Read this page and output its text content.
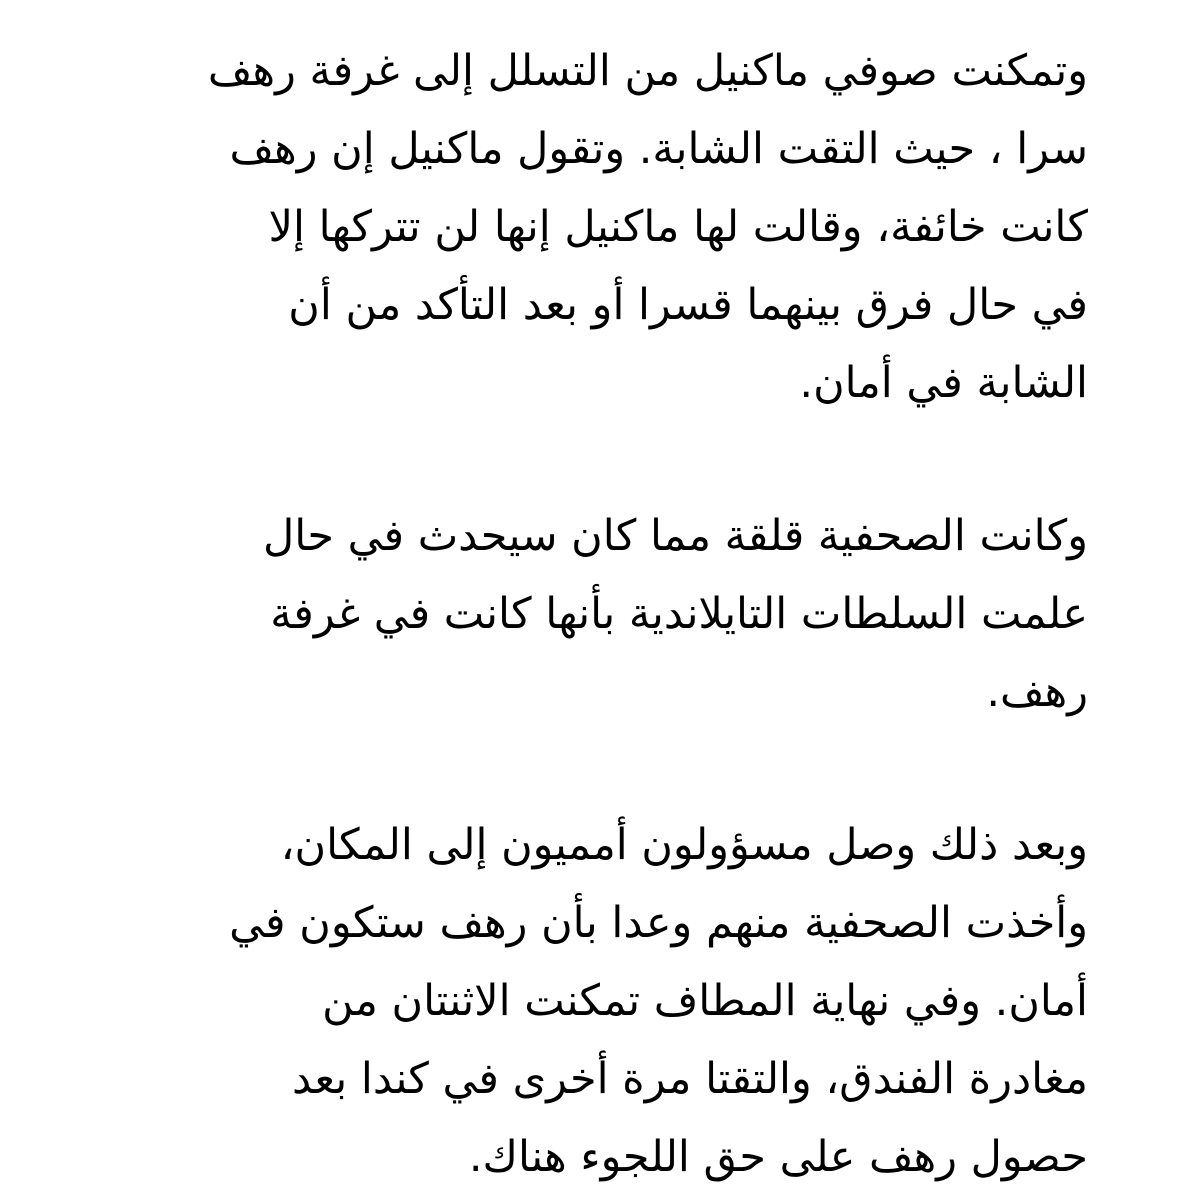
وتمكنت صوفي ماكنيل من التسلل إلى غرفة رهف
سرا ، حيث التقت الشابة. وتقول ماكنيل إن رهف
كانت خائفة، وقالت لها ماكنيل إنها لن تتركها إلا
في حال فرق بينهما قسرا أو بعد التأكد من أن
الشابة في أمان.
وكانت الصحفية قلقة مما كان سيحدث في حال
علمت السلطات التايلاندية بأنها كانت في غرفة
رهف.
وبعد ذلك وصل مسؤولون أمميون إلى المكان،
وأخذت الصحفية منهم وعدا بأن رهف ستكون في
أمان. وفي نهاية المطاف تمكنت الاثنتان من
مغادرة الفندق، والتقتا مرة أخرى في كندا بعد
حصول رهف على حق اللجوء هناك.
